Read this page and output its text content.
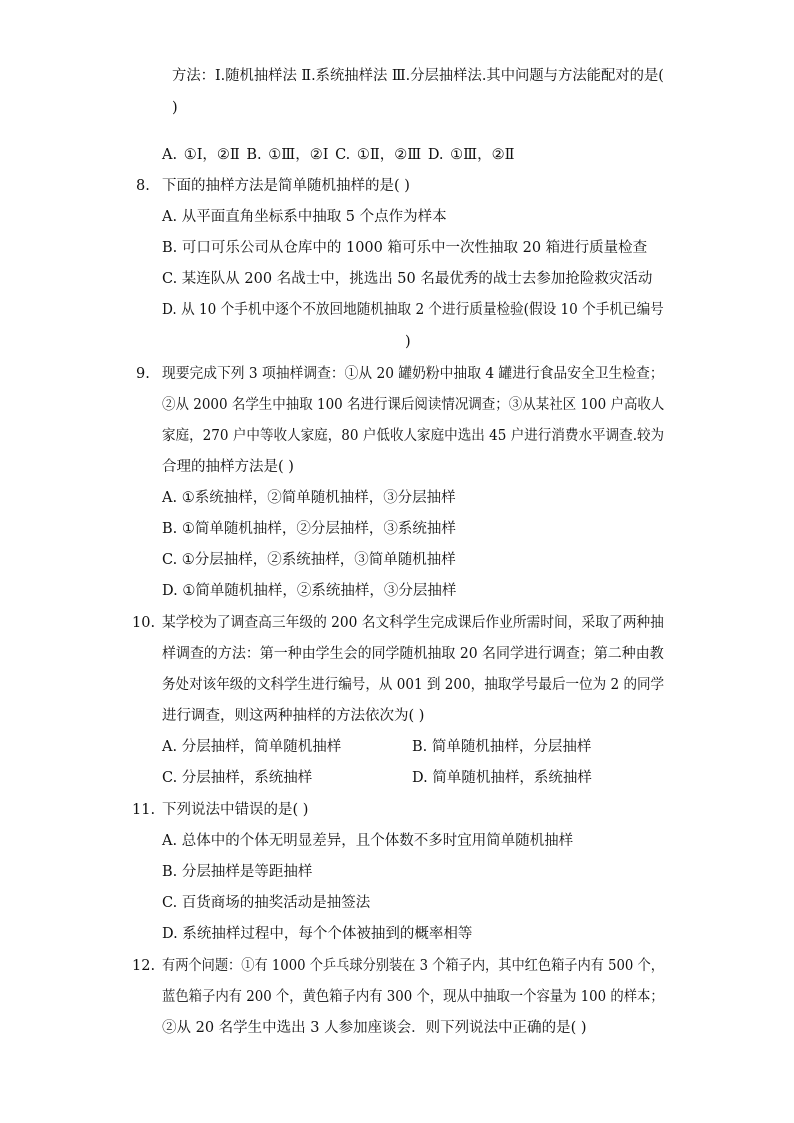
方法：Ⅰ.随机抽样法 Ⅱ.系统抽样法 Ⅲ.分层抽样法.其中问题与方法能配对的是(
)
A. ①Ⅰ，②Ⅱ B. ①Ⅲ，②Ⅰ C. ①Ⅱ，②Ⅲ D. ①Ⅲ，②Ⅱ
8. 下面的抽样方法是简单随机抽样的是( )
A. 从平面直角坐标系中抽取 5 个点作为样本
B. 可口可乐公司从仓库中的 1000 箱可乐中一次性抽取 20 箱进行质量检查
C. 某连队从 200 名战士中，挑选出 50 名最优秀的战士去参加抢险救灾活动
D. 从 10 个手机中逐个不放回地随机抽取 2 个进行质量检验(假设 10 个手机已编号
)
9. 现要完成下列 3 项抽样调查：①从 20 罐奶粉中抽取 4 罐进行食品安全卫生检查；
②从 2000 名学生中抽取 100 名进行课后阅读情况调查；③从某社区 100 户高收人
家庭，270 户中等收人家庭，80 户低收人家庭中选出 45 户进行消费水平调查.较为
合理的抽样方法是( )
A. ①系统抽样，②简单随机抽样，③分层抽样
B. ①简单随机抽样，②分层抽样，③系统抽样
C. ①分层抽样，②系统抽样，③简单随机抽样
D. ①简单随机抽样，②系统抽样，③分层抽样
10. 某学校为了调查高三年级的 200 名文科学生完成课后作业所需时间，采取了两种抽
样调查的方法：第一种由学生会的同学随机抽取 20 名同学进行调查；第二种由教
务处对该年级的文科学生进行编号，从 001 到 200，抽取学号最后一位为 2 的同学
进行调查，则这两种抽样的方法依次为( )
A. 分层抽样，简单随机抽样	B. 简单随机抽样，分层抽样
C. 分层抽样，系统抽样	D. 简单随机抽样，系统抽样
11. 下列说法中错误的是( )
A. 总体中的个体无明显差异，且个体数不多时宜用简单随机抽样
B. 分层抽样是等距抽样
C. 百货商场的抽奖活动是抽签法
D. 系统抽样过程中，每个个体被抽到的概率相等
12. 有两个问题：①有 1000 个乒乓球分别装在 3 个箱子内，其中红色箱子内有 500 个，
蓝色箱子内有 200 个，黄色箱子内有 300 个，现从中抽取一个容量为 100 的样本；
②从 20 名学生中选出 3 人参加座谈会．则下列说法中正确的是( )
